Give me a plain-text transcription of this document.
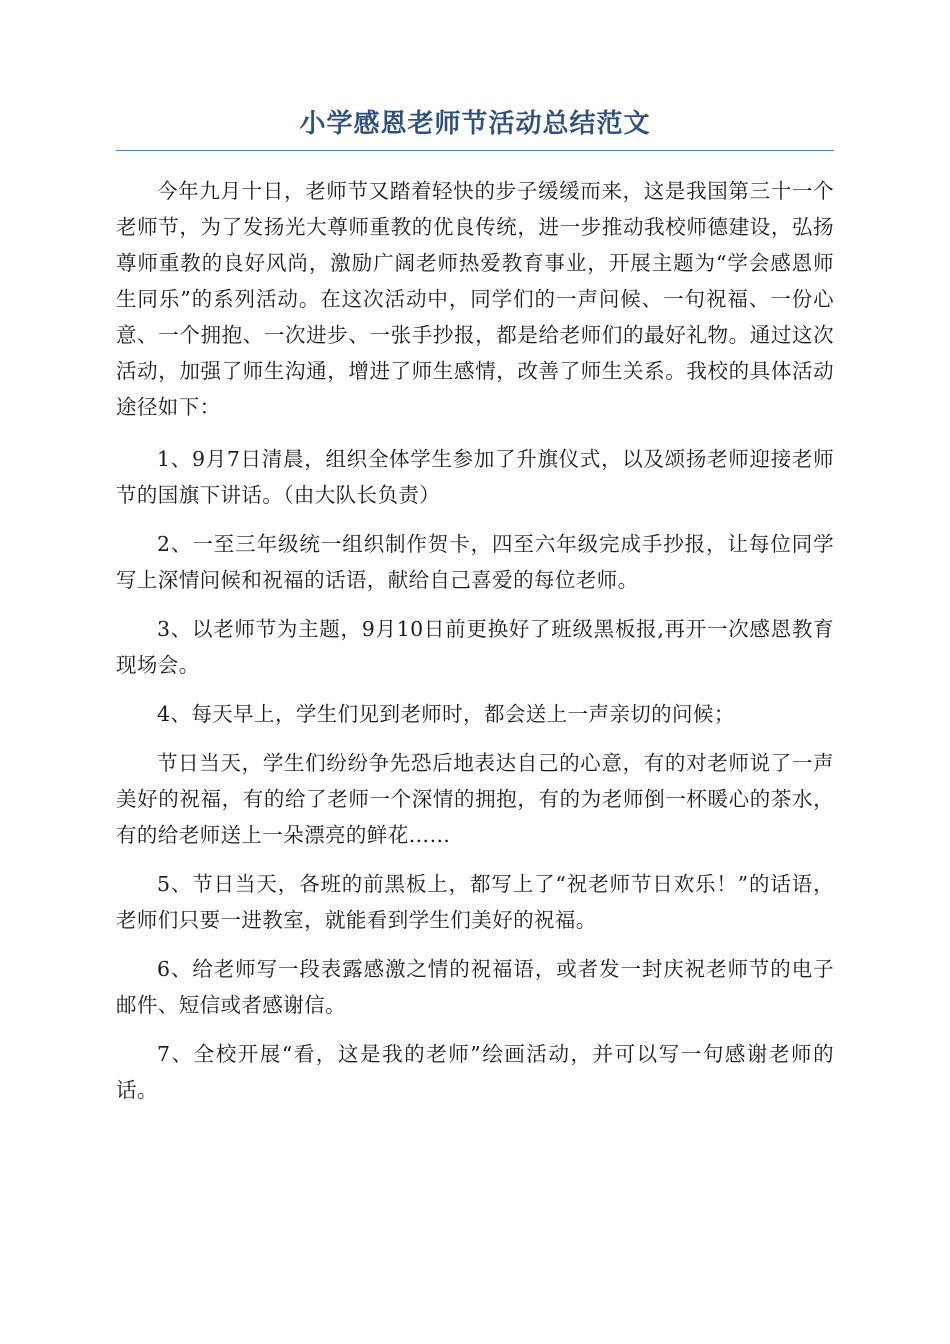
小学感恩老师节活动总结范文

今年九月十日，老师节又踏着轻快的步子缓缓而来，这是我国第三十一个老师节，为了发扬光大尊师重教的优良传统，进一步推动我校师德建设，弘扬尊师重教的良好风尚，激励广阔老师热爱教育事业，开展主题为“学会感恩师生同乐”的系列活动。在这次活动中，同学们的一声问候、一句祝福、一份心意、一个拥抱、一次进步、一张手抄报，都是给老师们的最好礼物。通过这次活动，加强了师生沟通，增进了师生感情，改善了师生关系。我校的具体活动途径如下：

1、9月7日清晨，组织全体学生参加了升旗仪式，以及颂扬老师迎接老师节的国旗下讲话。（由大队长负责）

2、一至三年级统一组织制作贺卡，四至六年级完成手抄报，让每位同学写上深情问候和祝福的话语，献给自己喜爱的每位老师。

3、以老师节为主题，9月10日前更换好了班级黑板报,再开一次感恩教育现场会。

4、每天早上，学生们见到老师时，都会送上一声亲切的问候；

节日当天，学生们纷纷争先恐后地表达自己的心意，有的对老师说了一声美好的祝福，有的给了老师一个深情的拥抱，有的为老师倒一杯暖心的茶水，有的给老师送上一朵漂亮的鲜花……

5、节日当天，各班的前黑板上，都写上了“祝老师节日欢乐！”的话语，老师们只要一进教室，就能看到学生们美好的祝福。

6、给老师写一段表露感激之情的祝福语，或者发一封庆祝老师节的电子邮件、短信或者感谢信。

7、全校开展“看，这是我的老师”绘画活动，并可以写一句感谢老师的话。
